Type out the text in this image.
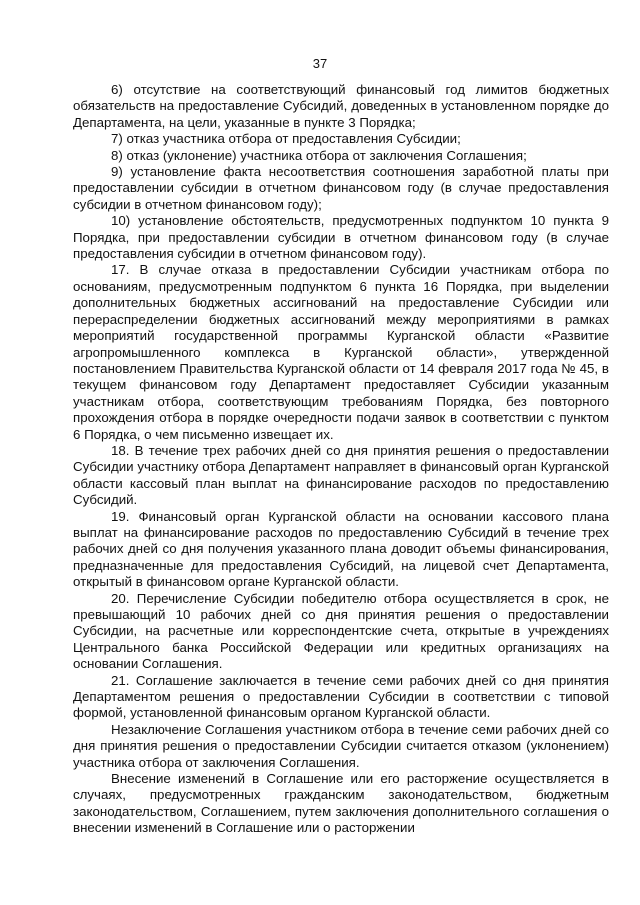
37

6) отсутствие на соответствующий финансовый год лимитов бюджетных обязательств на предоставление Субсидий, доведенных в установленном порядке до Департамента, на цели, указанные в пункте 3 Порядка;

7) отказ участника отбора от предоставления Субсидии;

8) отказ (уклонение) участника отбора от заключения Соглашения;

9) установление факта несоответствия соотношения заработной платы при предоставлении субсидии в отчетном финансовом году (в случае предоставления субсидии в отчетном финансовом году);

10) установление обстоятельств, предусмотренных подпунктом 10 пункта 9 Порядка, при предоставлении субсидии в отчетном финансовом году (в случае предоставления субсидии в отчетном финансовом году).

17. В случае отказа в предоставлении Субсидии участникам отбора по основаниям, предусмотренным подпунктом 6 пункта 16 Порядка, при выделении дополнительных бюджетных ассигнований на предоставление Субсидии или перераспределении бюджетных ассигнований между мероприятиями в рамках мероприятий государственной программы Курганской области «Развитие агропромышленного комплекса в Курганской области», утвержденной постановлением Правительства Курганской области от 14 февраля 2017 года № 45, в текущем финансовом году Департамент предоставляет Субсидии указанным участникам отбора, соответствующим требованиям Порядка, без повторного прохождения отбора в порядке очередности подачи заявок в соответствии с пунктом 6 Порядка, о чем письменно извещает их.

18. В течение трех рабочих дней со дня принятия решения о предоставлении Субсидии участнику отбора Департамент направляет в финансовый орган Курганской области кассовый план выплат на финансирование расходов по предоставлению Субсидий.

19. Финансовый орган Курганской области на основании кассового плана выплат на финансирование расходов по предоставлению Субсидий в течение трех рабочих дней со дня получения указанного плана доводит объемы финансирования, предназначенные для предоставления Субсидий, на лицевой счет Департамента, открытый в финансовом органе Курганской области.

20. Перечисление Субсидии победителю отбора осуществляется в срок, не превышающий 10 рабочих дней со дня принятия решения о предоставлении Субсидии, на расчетные или корреспондентские счета, открытые в учреждениях Центрального банка Российской Федерации или кредитных организациях на основании Соглашения.

21. Соглашение заключается в течение семи рабочих дней со дня принятия Департаментом решения о предоставлении Субсидии в соответствии с типовой формой, установленной финансовым органом Курганской области.

Незаключение Соглашения участником отбора в течение семи рабочих дней со дня принятия решения о предоставлении Субсидии считается отказом (уклонением) участника отбора от заключения Соглашения.

Внесение изменений в Соглашение или его расторжение осуществляется в случаях, предусмотренных гражданским законодательством, бюджетным законодательством, Соглашением, путем заключения дополнительного соглашения о внесении изменений в Соглашение или о расторжении
